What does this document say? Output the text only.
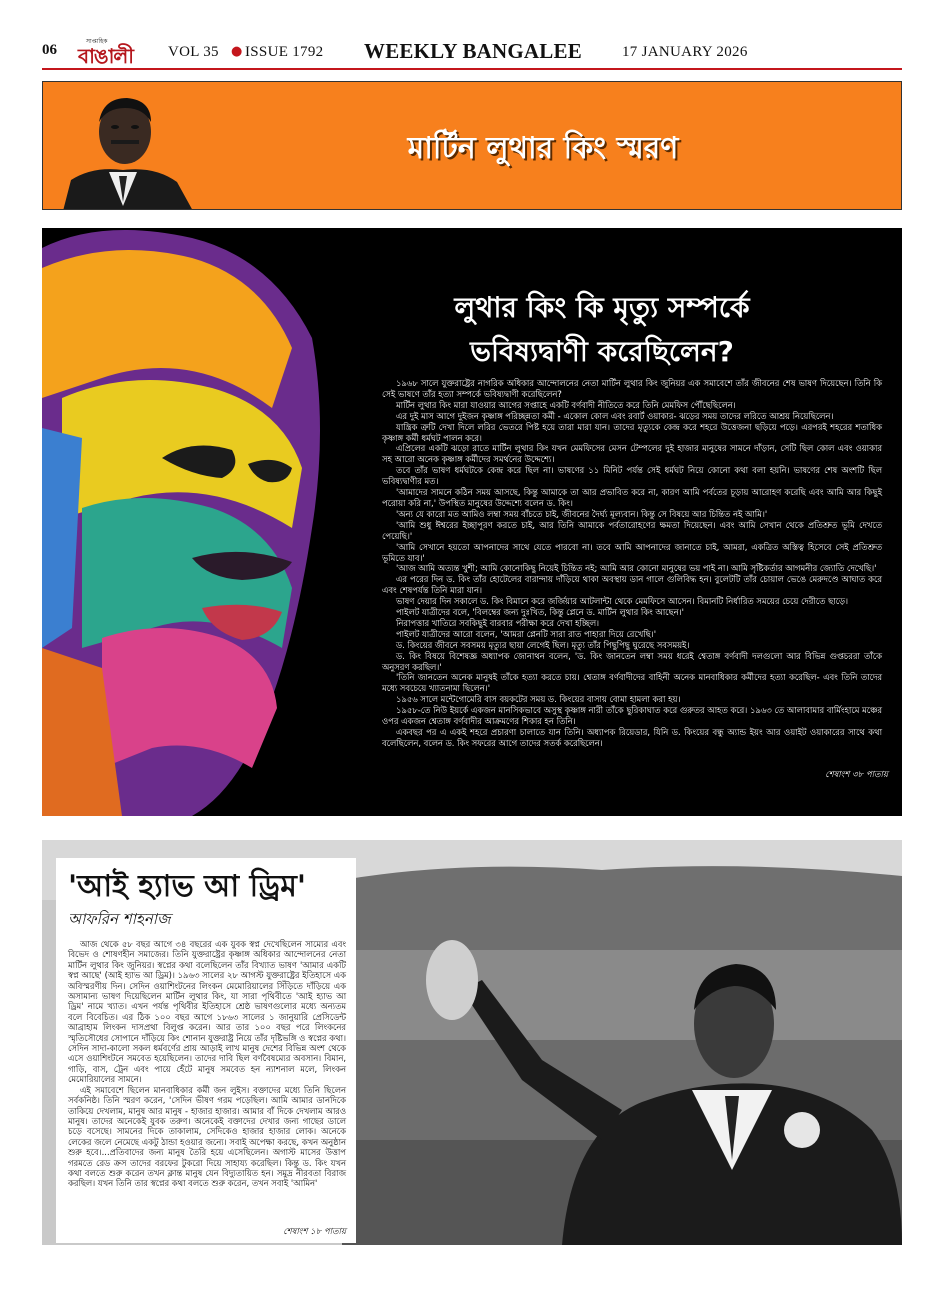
06
সাপ্তাহিক
বাঙালী VOL 35 ● ISSUE 1792 WEEKLY BANGALEE	17 JANUARY 2026
মার্টিন লুথার কিং স্মরণ
লুথার কিং কি মৃত্যু সম্পর্কে
ভবিষ্যদ্বাণী করেছিলেন?

১৯৬৮ সালে যুক্তরাষ্ট্রের নাগরিক অধিকার আন্দোলনের নেতা মার্টিন লুথার কিং জুনিয়র এক সমাবেশে তাঁর জীবনের শেষ ভাষণ দিয়েছেন। তিনি কি সেই ভাষণে তাঁর হত্যা সম্পর্কে ভবিষ্যদ্বাণী করেছিলেন?

মার্টিন লুথার কিং মারা যাওয়ার আগের সপ্তাহে একটি বর্ণবাদী নীতিতে করে তিনি মেমফিস পৌঁছেছিলেন।

এর দুই মাস আগে দুইজন কৃষ্ণাঙ্গ পরিচ্ছন্নতা কর্মী - একোল কোল এবং রবার্ট ওয়াকার- ঝড়ের সময় তাদের লরিতে আশ্রয় নিয়েছিলেন।

যান্ত্রিক ত্রুটি দেখা দিলে লরির ভেতরে পিষ্ট হয়ে তারা মারা যান। তাদের মৃত্যুকে কেন্দ্র করে শহরে উত্তেজনা ছড়িয়ে পড়ে। এরপরই শহরের শতাধিক কৃষ্ণাঙ্গ কর্মী ধর্মঘট পালন করে।

এপ্রিলের একটি ঝড়ো রাতে মার্টিন লুথার কিং যখন মেমফিসের মেসন টেম্পলের দুই হাজার মানুষের সামনে দাঁড়ান, সেটি ছিল কোল এবং ওয়াকার সহ আরো অনেক কৃষ্ণাঙ্গ কর্মীদের সমর্থনের উদ্দেশ্যে।

তবে তাঁর ভাষণ ধর্মঘটকে কেন্দ্র করে ছিল না। ভাষণের ১১ মিনিট পর্যন্ত সেই ধর্মঘট নিয়ে কোনো কথা বলা হয়নি। ভাষণের শেষ অংশটি ছিল ভবিষ্যদ্বাণীর মত।

'আমাদের সামনে কঠিন সময় আসছে, কিন্তু আমাকে তা আর প্রভাবিত করে না, কারণ আমি পর্বতের চূড়ায় আরোহণ করেছি এবং আমি আর কিছুই পরোয়া করি না,' উপস্থিত মানুষের উদ্দেশ্যে বলেন ড. কিং।

'অন্য যে কারো মত আমিও লম্বা সময় বাঁচতে চাই, জীবনের দৈর্ঘ্য মূল্যবান। কিন্তু সে বিষয়ে আর চিন্তিত নই আমি।'

'আমি শুধু ঈশ্বরের ইচ্ছাপূরণ করতে চাই, আর তিনি আমাকে পর্বতারোহণের ক্ষমতা দিয়েছেন। এবং আমি সেখান থেকে প্রতিশ্রুত ভূমি দেখতে পেয়েছি।'

'আমি সেখানে হয়তো আপনাদের সাথে যেতে পারবো না। তবে আমি আপনাদের জানাতে চাই, আমরা, একত্রিত অস্তিত্ব হিসেবে সেই প্রতিশ্রুত ভূমিতে যাব।'

'আজ আমি অত্যন্ত খুশী; আমি কোনোকিছু নিয়েই চিন্তিত নই; আমি আর কোনো মানুষের ভয় পাই না। আমি সৃষ্টিকর্তার আগমনীর জ্যোতি দেখেছি।'

এর পরের দিন ড. কিং তাঁর হোটেলের বারান্দায় দাঁড়িয়ে থাকা অবস্থায় ডান গালে গুলিবিদ্ধ হন। বুলেটটি তাঁর চোয়াল ভেঙে মেরুদণ্ডে আঘাত করে এবং শেষপর্যন্ত তিনি মারা যান।

ভাষণ দেয়ার দিন সকালে ড. কিং বিমানে করে জর্জিয়ার আটলান্টা থেকে মেমফিসে আসেন। বিমানটি নির্ধারিত সময়ের চেয়ে দেরীতে ছাড়ে।

পাইলট যাত্রীদের বলে, 'বিলম্বের জন্য দুঃখিত, কিন্তু প্লেনে ড. মার্টিন লুথার কিং আছেন।'

নিরাপত্তার খাতিরে সবকিছুই বারবার পরীক্ষা করে দেখা হচ্ছিল।

পাইলট যাত্রীদের আরো বলেন, 'আমরা প্লেনটি সারা রাত পাহারা দিয়ে রেখেছি।'

ড. কিংয়ের জীবনে সবসময় মৃত্যুর ছায়া লেগেই ছিল। মৃত্যু তাঁর পিছুপিছু ঘুরেছে সবসময়ই।

ড. কিং বিষয়ে বিশেষজ্ঞ অধ্যাপক জোনাথন বলেন, 'ড. কিং জানতেন লম্বা সময় ধরেই শ্বেতাঙ্গ বর্ণবাদী দলগুলো আর বিভিন্ন গুপ্তচররা তাঁকে অনুসরণ করছিল।'

'তিনি জানতেন অনেক মানুষই তাঁকে হত্যা করতে চায়। শ্বেতাঙ্গ বর্ণবাদীদের বাহিনী অনেক মানবাধিকার কর্মীদের হত্যা করেছিল- এবং তিনি তাদের মধ্যে সবচেয়ে খ্যাতনামা ছিলেন।'

১৯৫৬ সালে মন্টেগোমেরি বাস বয়কটের সময় ড. কিংয়ের বাসায় বোমা হামলা করা হয়।

১৯৫৮-তে নিউ ইয়র্কে একজন মানসিকভাবে অসুস্থ কৃষ্ণাঙ্গ নারী তাঁকে ছুরিকাঘাত করে গুরুতর আহত করে। ১৯৬৩ তে আলাবামার বার্মিংহামে মঞ্চের ওপর একজন শ্বেতাঙ্গ বর্ণবাদীর আক্রমণের শিকার হন তিনি।

একবছর পর এ একই শহরে প্রচারণা চালাতে যান তিনি। অধ্যাপক রিয়েডার, যিনি ড. কিংয়ের বন্ধু অ্যান্ড ইয়ং আর ওয়াইট ওয়াকারের সাথে কথা বলেছিলেন, বলেন ড. কিং সফরের আগে তাদের সতর্ক করেছিলেন।

শেষাংশ ৩৮ পাতায়
'আই হ্যাভ আ ড্রিম'
আফরিন শাহনাজ

আজ থেকে ৫৮ বছর আগে ৩৪ বছরের এক যুবক স্বপ্ন দেখেছিলেন সাম্যের এবং বিভেদ ও শোষণহীন সমাজের। তিনি যুক্তরাষ্ট্রের কৃষ্ণাঙ্গ অধিকার আন্দোলনের নেতা মার্টিন লুথার কিং জুনিয়র। স্বপ্নের কথা বলেছিলেন তাঁর বিখ্যাত ভাষণ 'আমার একটি স্বপ্ন আছে' (আই হ্যাভ আ ড্রিম)। ১৯৬৩ সালের ২৮ আগস্ট যুক্তরাষ্ট্রের ইতিহাসে এক অবিস্মরণীয় দিন। সেদিন ওয়াশিংটনের লিংকন মেমোরিয়ালের সিঁড়িতে দাঁড়িয়ে এক অসামান্য ভাষণ দিয়েছিলেন মার্টিন লুথার কিং, যা সারা পৃথিবীতে 'আই হ্যাভ আ ড্রিম' নামে খ্যাত। এখন পর্যন্ত পৃথিবীর ইতিহাসে শ্রেষ্ঠ ভাষণগুলোর মধ্যে অন্যতম বলে বিবেচিত। এর ঠিক ১০০ বছর আগে ১৮৬৩ সালের ১ জানুয়ারি প্রেসিডেন্ট আব্রাহাম লিংকন দাসপ্রথা বিলুপ্ত করেন। আর তার ১০০ বছর পরে লিংকনের স্মৃতিসৌধের সোপানে দাঁড়িয়ে কিং শোনান যুক্তরাষ্ট্র নিয়ে তাঁর দৃষ্টিভঙ্গি ও স্বপ্নের কথা। সেদিন সাদা-কালো সকল ধর্মবর্ণের প্রায় আড়াই লাখ মানুষ দেশের বিভিন্ন অংশ থেকে এসে ওয়াশিংটনে সমবেত হয়েছিলেন। তাদের দাবি ছিল বর্ণবৈষম্যের অবসান। বিমান, গাড়ি, বাস, ট্রেন এবং পায়ে হেঁটে মানুষ সমবেত হন ন্যাশনাল মলে, লিংকন মেমোরিয়ালের সামনে।

এই সমাবেশে ছিলেন মানবাধিকার কর্মী জন লুইস। বক্তাদের মধ্যে তিনি ছিলেন সর্বকনিষ্ঠ। তিনি স্মরণ করেন, 'সেদিন ভীষণ গরম পড়েছিল। আমি আমার ডানদিকে তাকিয়ে দেখলাম, মানুষ আর মানুষ - হাজার হাজার। আমার বাঁ দিকে দেখলাম আরও মানুষ। তাদের অনেকেই যুবক তরুণ। অনেকেই বক্তাদের দেখার জন্য গাছের ডালে চড়ে বসেছে। সামনের দিকে তাকালাম, সেদিকেও হাজার হাজার লোক। অনেকে লেকের জলে নেমেছে একটু ঠান্ডা হওয়ার জন্যে। সবাই অপেক্ষা করছে, কখন অনুষ্ঠান শুরু হবে।...প্রতিবাদের জন্য মানুষ তৈরি হয়ে এসেছিলেন। অগাস্ট মাসের উত্তাপ গরমতে রেড ক্রস তাদের বরফের টুকরো দিয়ে সাহায্য করেছিল। কিন্তু ড. কিং যখন কথা বলতে শুরু করেন তখন ক্লান্ত মানুষ যেন বিদ্যুতায়িত হন। সমুদ্র নীরবতা বিরাজ করছিল। যখন তিনি তার স্বপ্নের কথা বলতে শুরু করেন, তখন সবাই 'আমিন'

শেষাংশ ১৮ পাতায়
